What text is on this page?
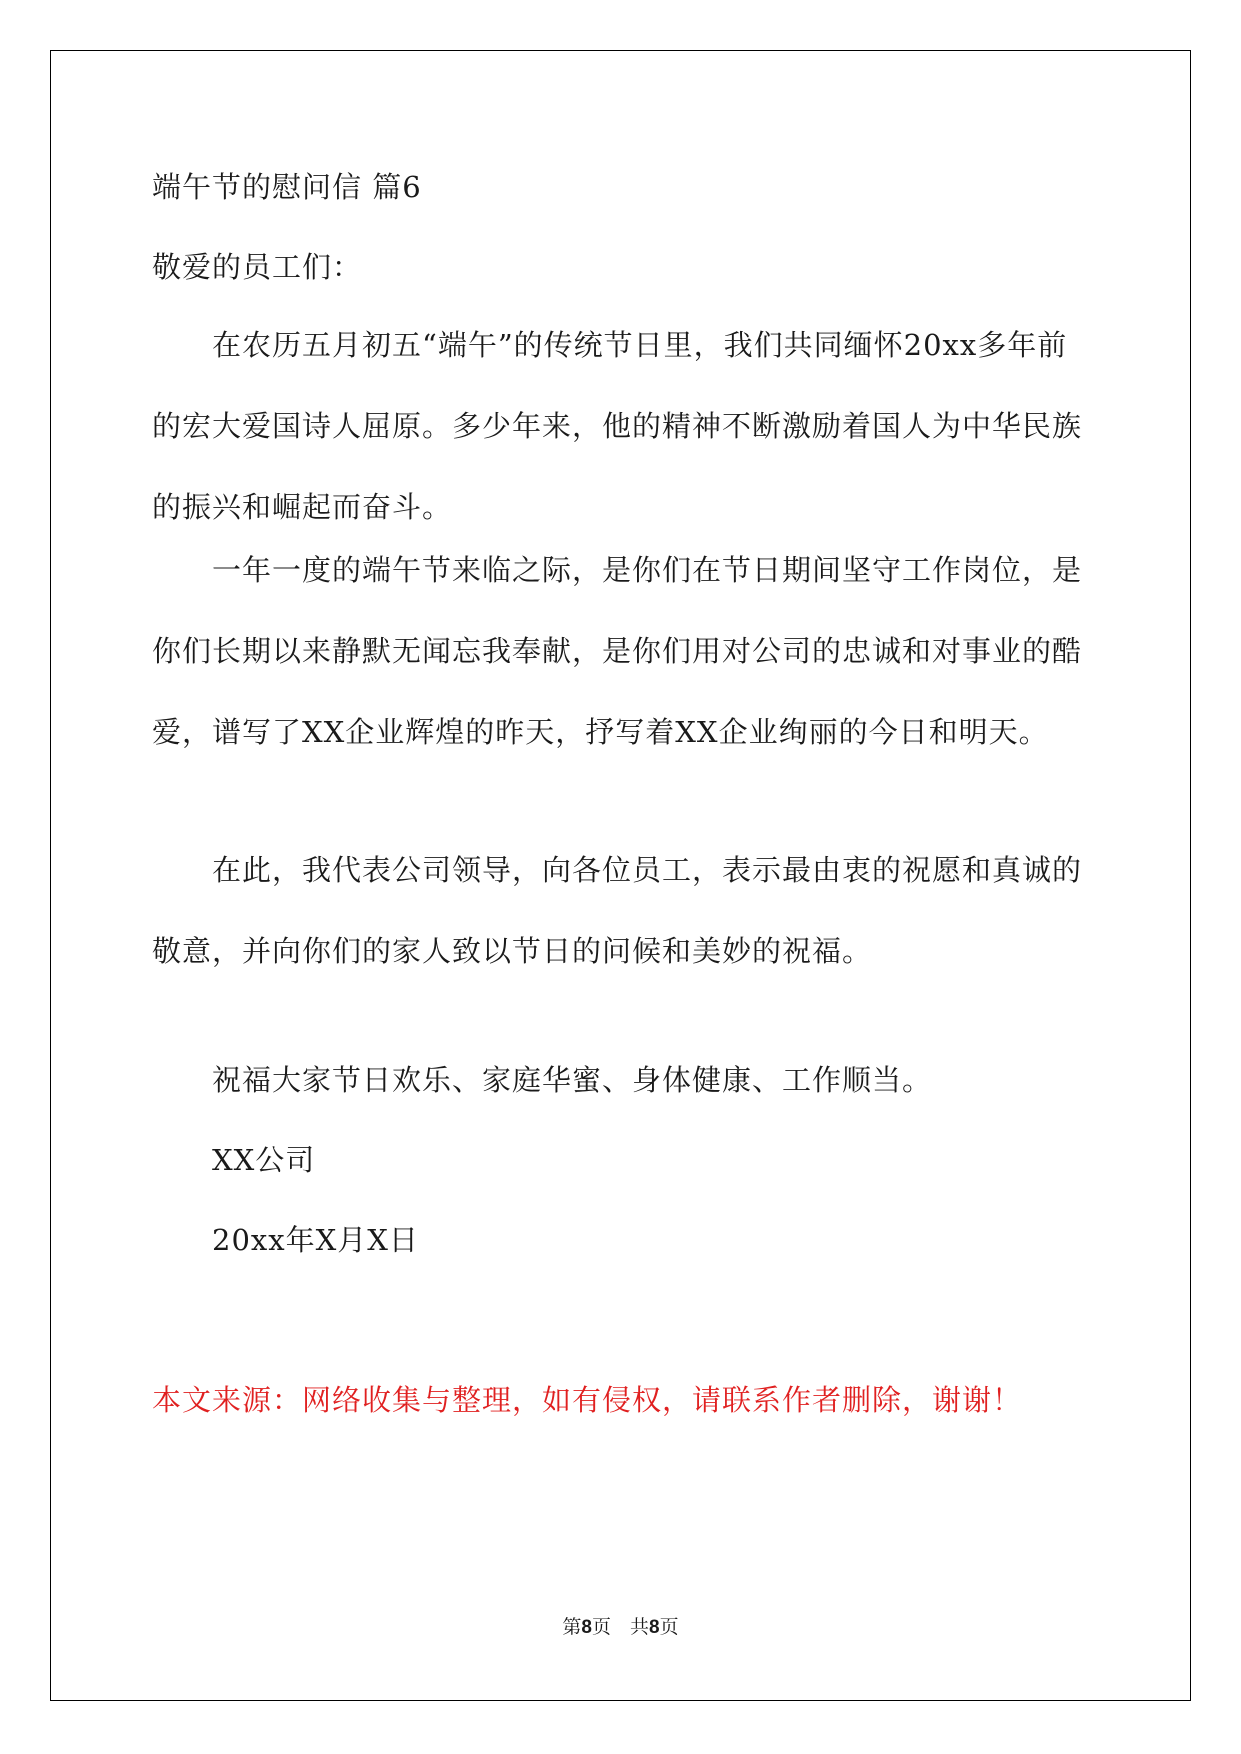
端午节的慰问信 篇6
敬爱的员工们：
在农历五月初五“端午”的传统节日里，我们共同缅怀20xx多年前的宏大爱国诗人屈原。多少年来，他的精神不断激励着国人为中华民族的振兴和崛起而奋斗。
一年一度的端午节来临之际，是你们在节日期间坚守工作岗位，是你们长期以来静默无闻忘我奉献，是你们用对公司的忠诚和对事业的酷爱，谱写了XX企业辉煌的昨天，抒写着XX企业绚丽的今日和明天。
在此，我代表公司领导，向各位员工，表示最由衷的祝愿和真诚的敬意，并向你们的家人致以节日的问候和美妙的祝福。
祝福大家节日欢乐、家庭华蜜、身体健康、工作顺当。
XX公司
20xx年X月X日
本文来源：网络收集与整理，如有侵权，请联系作者删除，谢谢！
第8页　共8页
